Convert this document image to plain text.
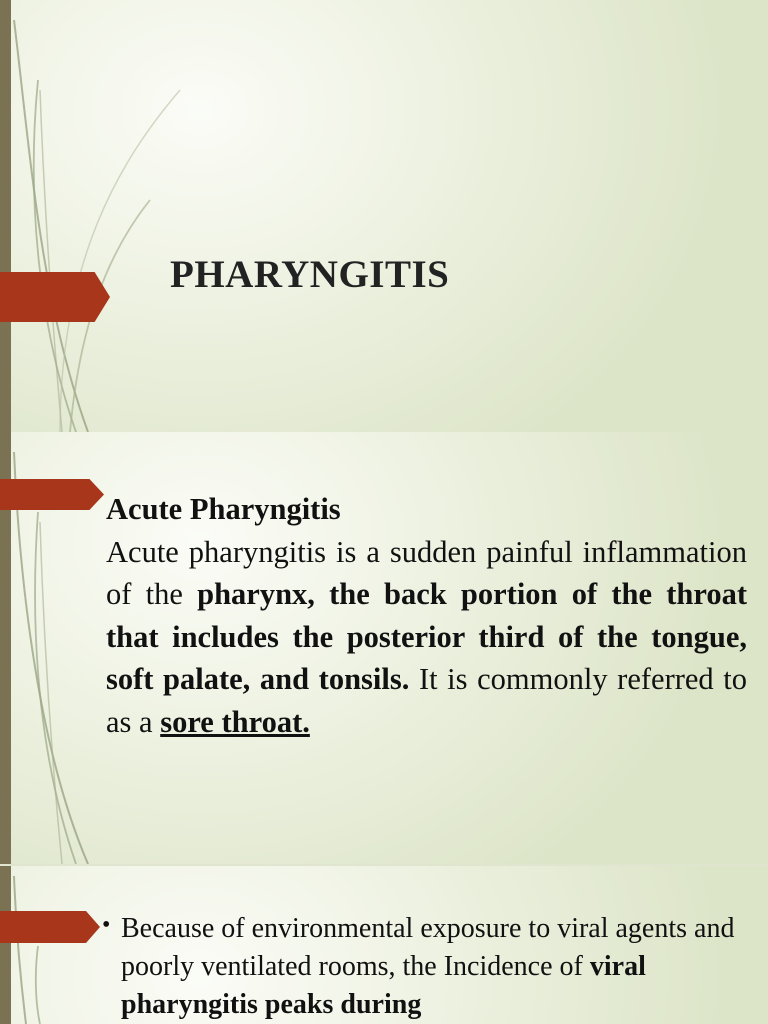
PHARYNGITIS
Acute Pharyngitis
Acute pharyngitis is a sudden painful inflammation of the pharynx, the back portion of the throat that includes the posterior third of the tongue, soft palate, and tonsils. It is commonly referred to as a sore throat.
• Because of environmental exposure to viral agents and poorly ventilated rooms, the Incidence of viral pharyngitis peaks during
